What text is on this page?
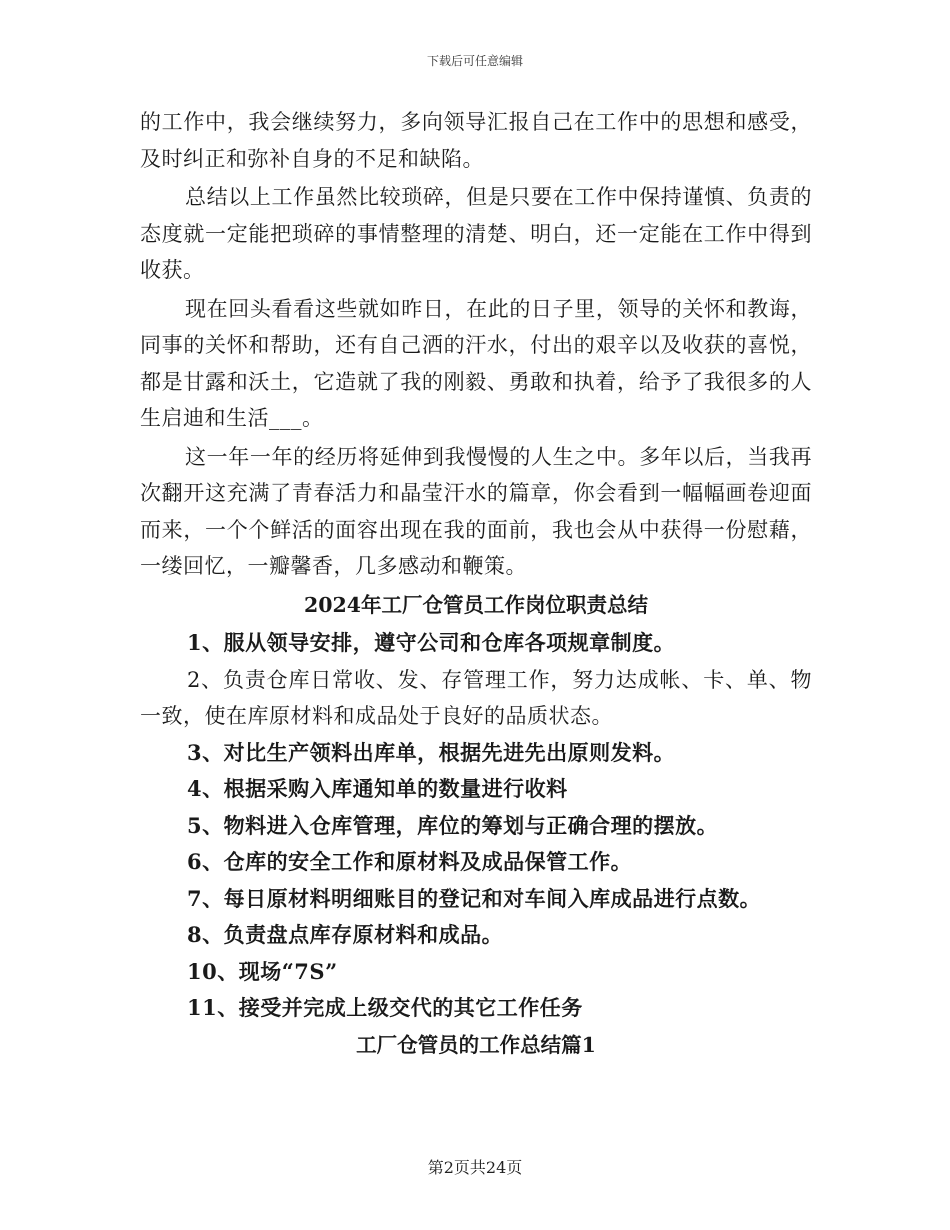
下载后可任意编辑

的工作中，我会继续努力，多向领导汇报自己在工作中的思想和感受，及时纠正和弥补自身的不足和缺陷。

总结以上工作虽然比较琐碎，但是只要在工作中保持谨慎、负责的态度就一定能把琐碎的事情整理的清楚、明白，还一定能在工作中得到收获。

现在回头看看这些就如昨日，在此的日子里，领导的关怀和教诲，同事的关怀和帮助，还有自己洒的汗水，付出的艰辛以及收获的喜悦，都是甘露和沃土，它造就了我的刚毅、勇敢和执着，给予了我很多的人生启迪和生活___。

这一年一年的经历将延伸到我慢慢的人生之中。多年以后，当我再次翻开这充满了青春活力和晶莹汗水的篇章，你会看到一幅幅画卷迎面而来，一个个鲜活的面容出现在我的面前，我也会从中获得一份慰藉，一缕回忆，一瓣馨香，几多感动和鞭策。

2024年工厂仓管员工作岗位职责总结
1、服从领导安排，遵守公司和仓库各项规章制度。
2、负责仓库日常收、发、存管理工作，努力达成帐、卡、单、物一致，使在库原材料和成品处于良好的品质状态。
3、对比生产领料出库单，根据先进先出原则发料。
4、根据采购入库通知单的数量进行收料
5、物料进入仓库管理，库位的筹划与正确合理的摆放。
6、仓库的安全工作和原材料及成品保管工作。
7、每日原材料明细账目的登记和对车间入库成品进行点数。
8、负责盘点库存原材料和成品。
10、现场“7S”
11、接受并完成上级交代的其它工作任务
工厂仓管员的工作总结篇1
第2页共24页
